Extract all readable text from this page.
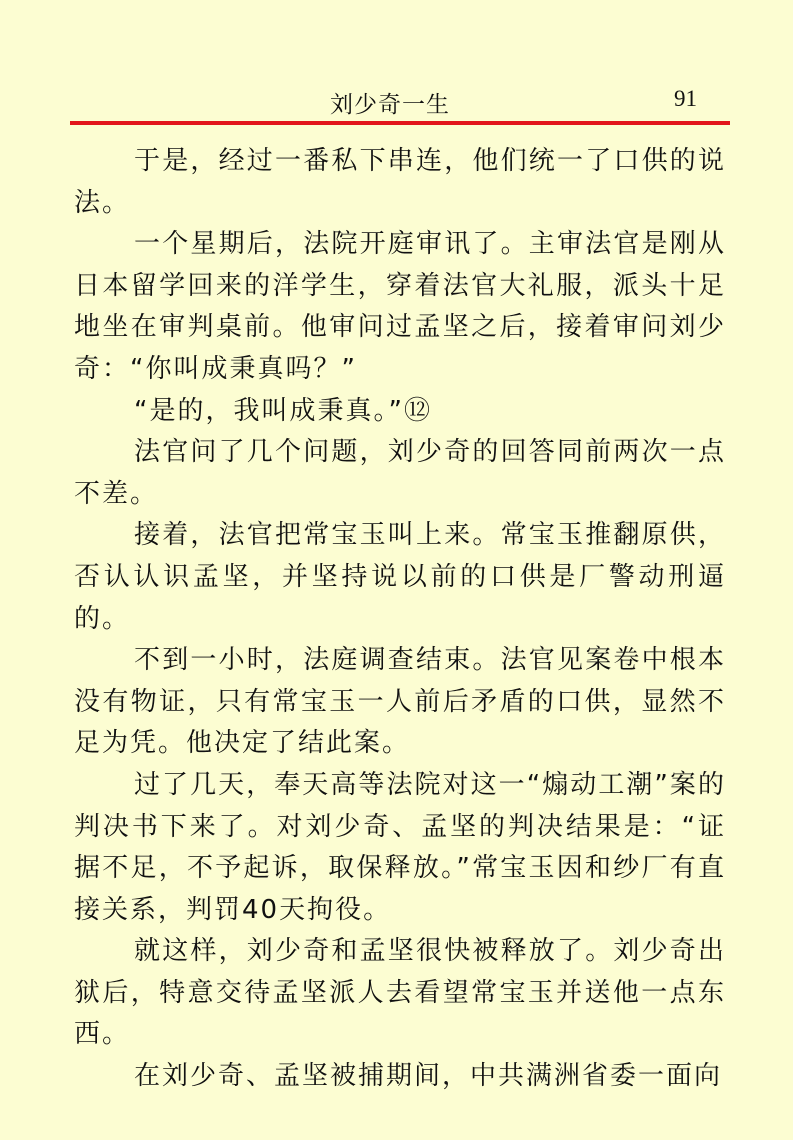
刘少奇一生	91

于是，经过一番私下串连，他们统一了口供的说法。

一个星期后，法院开庭审讯了。主审法官是刚从日本留学回来的洋学生，穿着法官大礼服，派头十足地坐在审判桌前。他审问过孟坚之后，接着审问刘少奇：“你叫成秉真吗？”

“是的，我叫成秉真。”⑫

法官问了几个问题，刘少奇的回答同前两次一点不差。

接着，法官把常宝玉叫上来。常宝玉推翻原供，否认认识孟坚，并坚持说以前的口供是厂警动刑逼的。

不到一小时，法庭调查结束。法官见案卷中根本没有物证，只有常宝玉一人前后矛盾的口供，显然不足为凭。他决定了结此案。

过了几天，奉天高等法院对这一“煽动工潮”案的判决书下来了。对刘少奇、孟坚的判决结果是：“证据不足，不予起诉，取保释放。”常宝玉因和纱厂有直接关系，判罚40天拘役。

就这样，刘少奇和孟坚很快被释放了。刘少奇出狱后，特意交待孟坚派人去看望常宝玉并送他一点东西。

在刘少奇、孟坚被捕期间，中共满洲省委一面向
